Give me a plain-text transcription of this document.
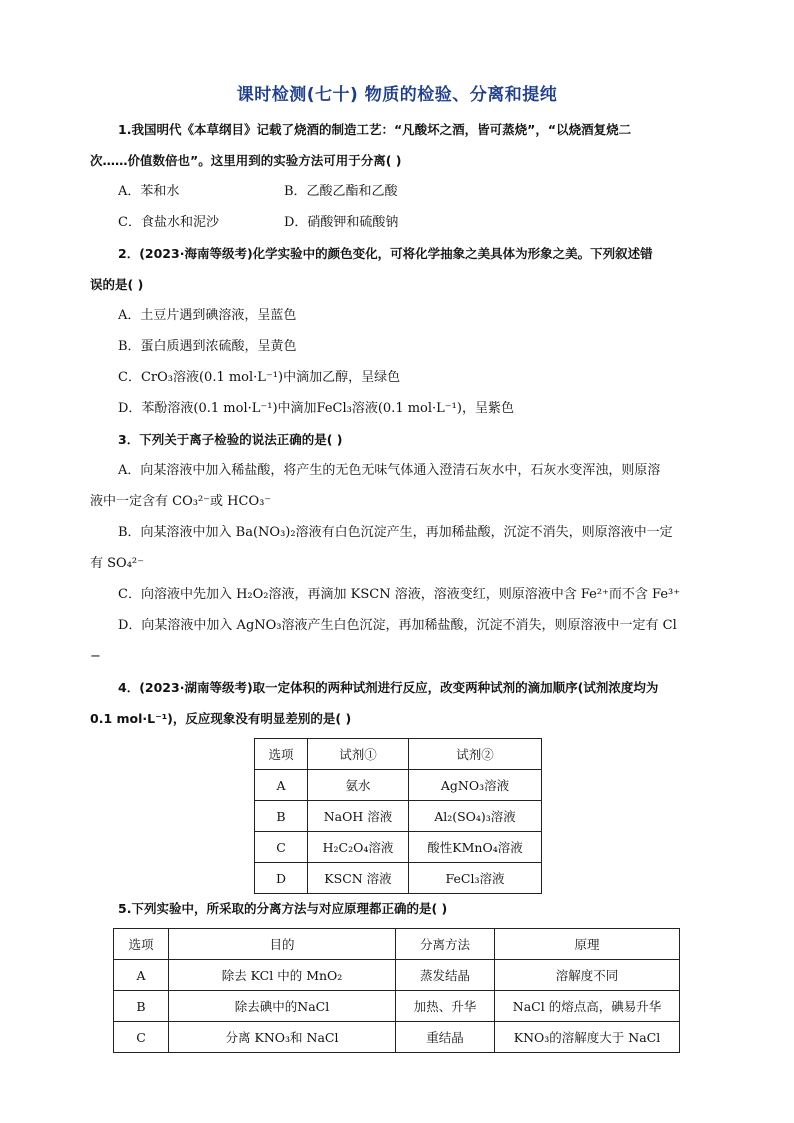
课时检测(七十) 物质的检验、分离和提纯
1.我国明代《本草纲目》记载了烧酒的制造工艺：“凡酸坏之酒，皆可蒸烧”，“以烧酒复烧二
次……价值数倍也”。这里用到的实验方法可用于分离( )
A．苯和水	B．乙酸乙酯和乙酸
C．食盐水和泥沙	D．硝酸钾和硫酸钠
2．(2023·海南等级考)化学实验中的颜色变化，可将化学抽象之美具体为形象之美。下列叙述错
误的是( )
A．土豆片遇到碘溶液，呈蓝色
B．蛋白质遇到浓硫酸，呈黄色
C．CrO₃溶液(0.1 mol·L⁻¹)中滴加乙醇，呈绿色
D．苯酚溶液(0.1 mol·L⁻¹)中滴加FeCl₃溶液(0.1 mol·L⁻¹)，呈紫色
3．下列关于离子检验的说法正确的是( )
A．向某溶液中加入稀盐酸，将产生的无色无味气体通入澄清石灰水中，石灰水变浑浊，则原溶
液中一定含有 CO₃²⁻或 HCO₃⁻
B．向某溶液中加入 Ba(NO₃)₂溶液有白色沉淀产生，再加稀盐酸，沉淀不消失，则原溶液中一定
有 SO₄²⁻
C．向溶液中先加入 H₂O₂溶液，再滴加 KSCN 溶液，溶液变红，则原溶液中含 Fe²⁺而不含 Fe³⁺
D．向某溶液中加入 AgNO₃溶液产生白色沉淀，再加稀盐酸，沉淀不消失，则原溶液中一定有 Cl
−
4．(2023·湖南等级考)取一定体积的两种试剂进行反应，改变两种试剂的滴加顺序(试剂浓度均为
0.1 mol·L⁻¹)，反应现象没有明显差别的是( )
选项	试剂①	试剂②
A	氨水	AgNO₃溶液
B	NaOH 溶液	Al₂(SO₄)₃溶液
C	H₂C₂O₄溶液	酸性KMnO₄溶液
D	KSCN 溶液	FeCl₃溶液
5.下列实验中，所采取的分离方法与对应原理都正确的是( )
选项	目的	分离方法	原理
A	除去 KCl 中的 MnO₂	蒸发结晶	溶解度不同
B	除去碘中的NaCl	加热、升华	NaCl 的熔点高，碘易升华
C	分离 KNO₃和 NaCl	重结晶	KNO₃的溶解度大于 NaCl
